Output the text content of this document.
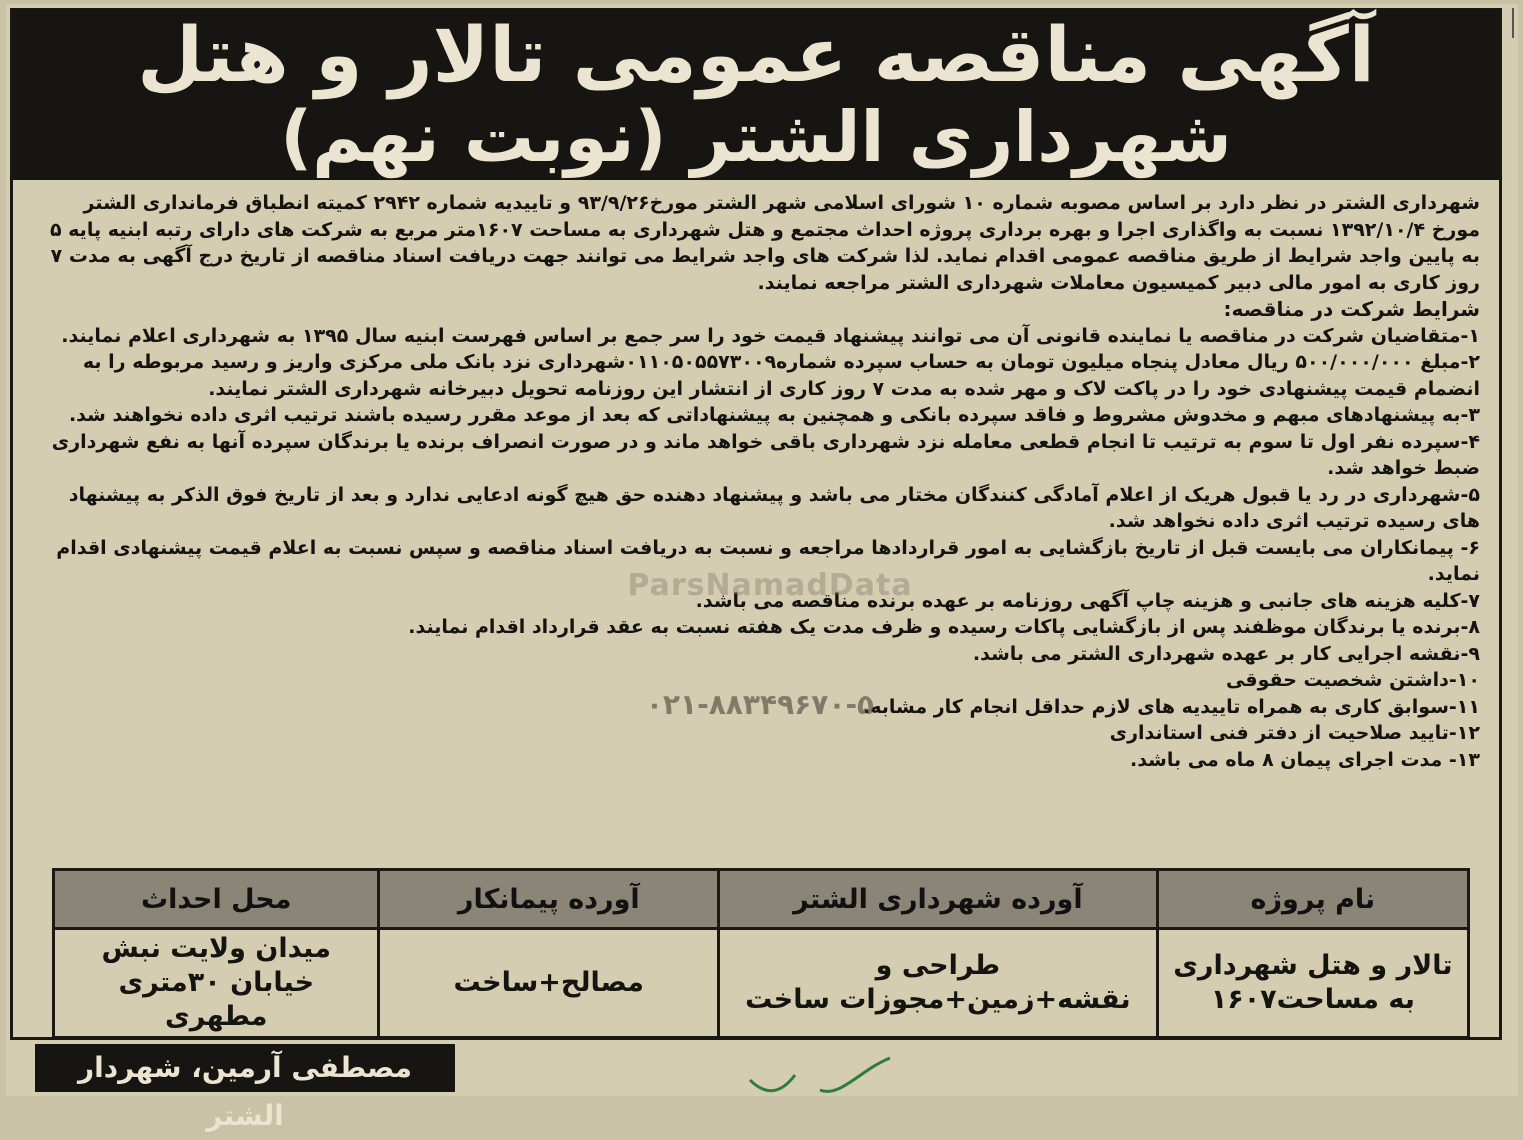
آگهی مناقصه عمومی تالار و هتل
شهرداری الشتر (نوبت نهم)

شهرداری الشتر در نظر دارد بر اساس مصوبه شماره ۱۰ شورای اسلامی شهر الشتر مورخ۹۳/۹/۲۶ و تاییدیه شماره ۲۹۴۲ کمیته انطباق فرمانداری الشتر مورخ ۱۳۹۲/۱۰/۴ نسبت به واگذاری اجرا و بهره برداری پروژه احداث مجتمع و هتل شهرداری به مساحت ۱۶۰۷متر مربع به شرکت های دارای رتبه ابنیه پایه ۵ به پایین واجد شرایط از طریق مناقصه عمومی اقدام نماید. لذا شرکت های واجد شرایط می توانند جهت دریافت اسناد مناقصه از تاریخ درج آگهی به مدت ۷ روز کاری به امور مالی دبیر کمیسیون معاملات شهرداری الشتر مراجعه نمایند.

شرایط شرکت در مناقصه:

۱-متقاضیان شرکت در مناقصه یا نماینده قانونی آن می توانند پیشنهاد قیمت خود را سر جمع بر اساس فهرست ابنیه سال ۱۳۹۵ به شهرداری اعلام نمایند.
۲-مبلغ ۵۰۰/۰۰۰/۰۰۰ ریال معادل پنجاه میلیون تومان به حساب سپرده شماره۰۱۱۰۵۰۵۵۷۳۰۰۹شهرداری نزد بانک ملی مرکزی واریز و رسید مربوطه را به انضمام قیمت پیشنهادی خود را در پاکت لاک و مهر شده به مدت ۷ روز کاری از انتشار این روزنامه تحویل دبیرخانه شهرداری الشتر نمایند.
۳-به پیشنهادهای مبهم و مخدوش مشروط و فاقد سپرده بانکی و همچنین به پیشنهاداتی که بعد از موعد مقرر رسیده باشند ترتیب اثری داده نخواهند شد.
۴-سپرده نفر اول تا سوم به ترتیب تا انجام قطعی معامله نزد شهرداری باقی خواهد ماند و در صورت انصراف برنده یا برندگان سپرده آنها به نفع شهرداری ضبط خواهد شد.
۵-شهرداری در رد یا قبول هریک از اعلام آمادگی کنندگان مختار می باشد و پیشنهاد دهنده حق هیچ گونه ادعایی ندارد و بعد از تاریخ فوق الذکر به پیشنهاد های رسیده ترتیب اثری داده نخواهد شد.
۶- پیمانکاران می بایست قبل از تاریخ بازگشایی به امور قراردادها مراجعه و نسبت به دریافت اسناد مناقصه و سپس نسبت به اعلام قیمت پیشنهادی اقدام نماید.
۷-کلیه هزینه های جانبی و هزینه چاپ آگهی روزنامه بر عهده برنده مناقصه می باشد.
۸-برنده یا برندگان موظفند پس از بازگشایی پاکات رسیده و ظرف مدت یک هفته نسبت به عقد قرارداد اقدام نمایند.
۹-نقشه اجرایی کار بر عهده شهرداری الشتر می باشد.
۱۰-داشتن شخصیت حقوقی
۱۱-سوابق کاری به همراه تاییدیه های لازم حداقل انجام کار مشابه.
۱۲-تایید صلاحیت از دفتر فنی استانداری
۱۳- مدت اجرای پیمان ۸ ماه می باشد.
ParsNamadData
۰۲۱-۸۸۳۴۹۶۷۰-۵
نام پروژه	آورده شهرداری الشتر	آورده پیمانکار	محل احداث
تالار و هتل شهرداری به مساحت۱۶۰۷	طراحی و نقشه+زمین+مجوزات ساخت	مصالح+ساخت	میدان ولایت نبش خیابان ۳۰متری مطهری
مصطفی آرمین، شهردار الشتر
